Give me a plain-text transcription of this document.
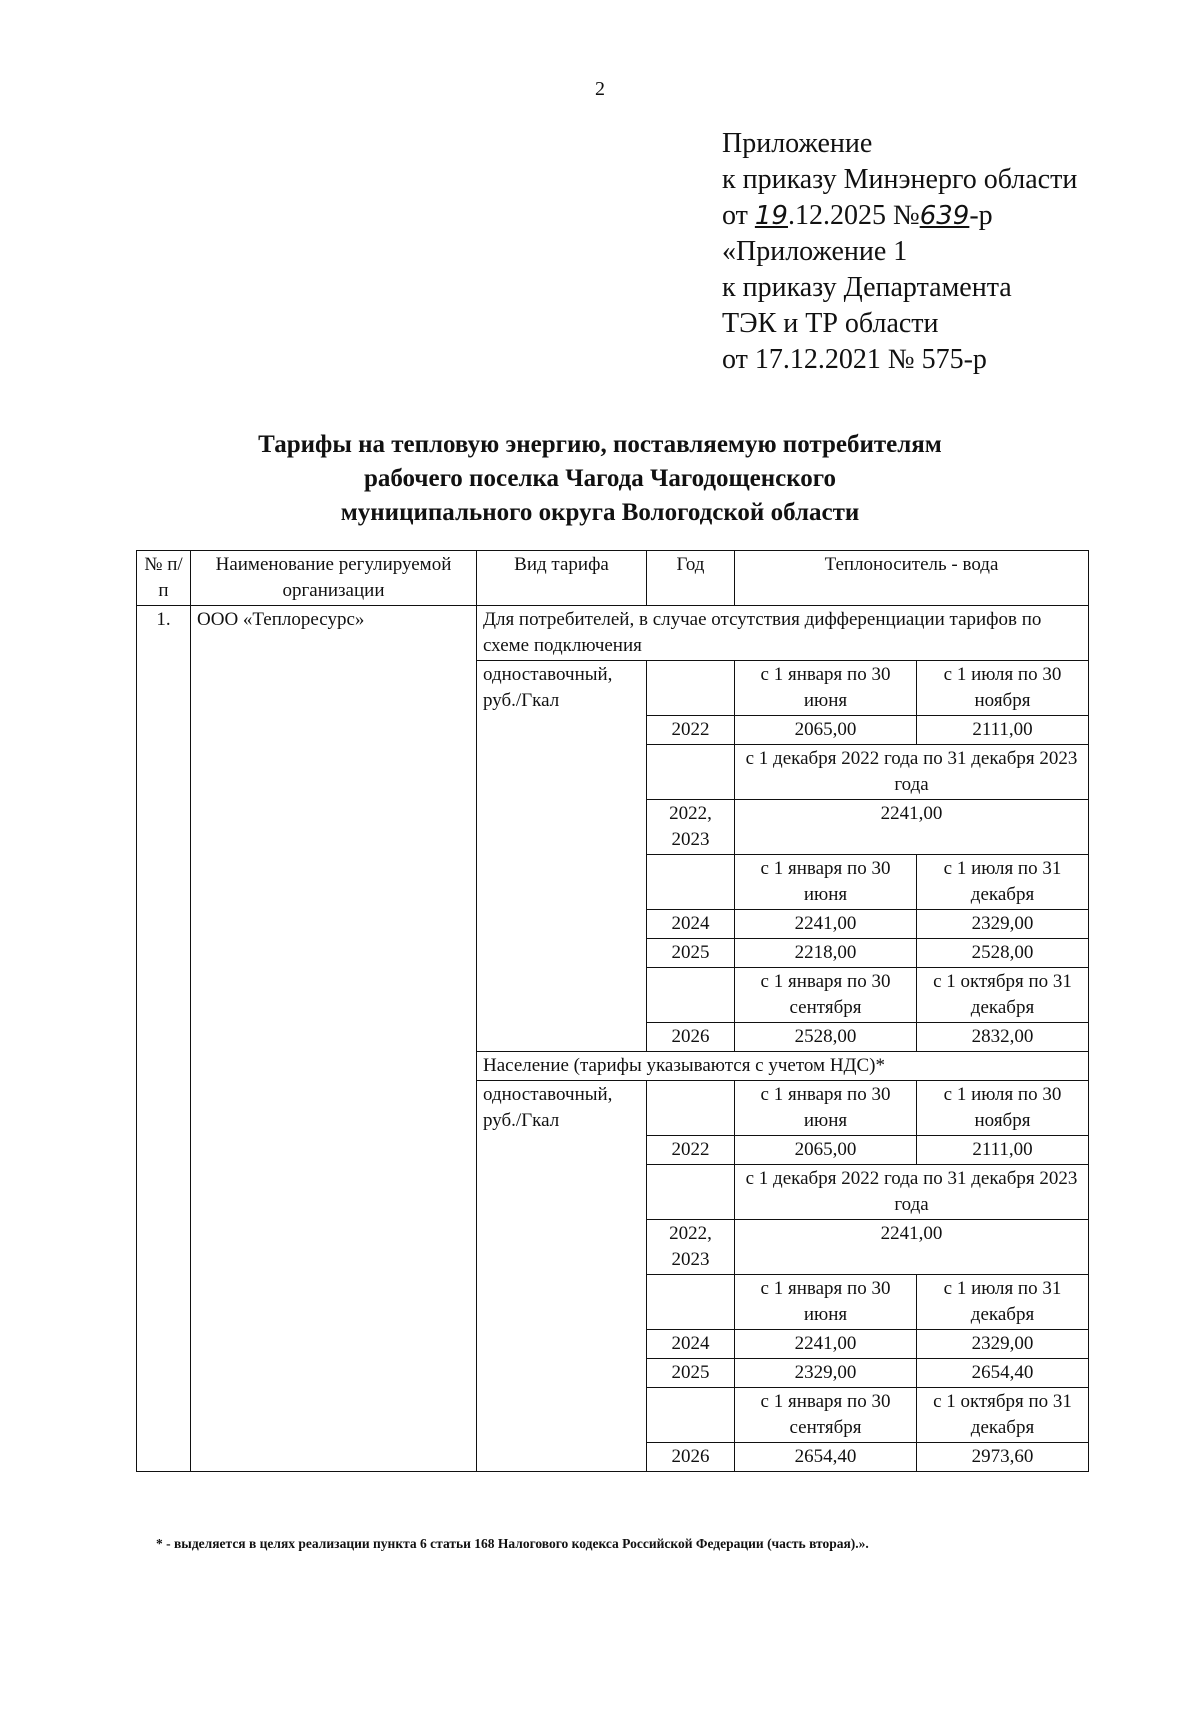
2
Приложение
к приказу Минэнерго области
от 19.12.2025 №639-р
«Приложение 1
к приказу Департамента
ТЭК и ТР области
от 17.12.2021 № 575-р
Тарифы на тепловую энергию, поставляемую потребителям
рабочего поселка Чагода Чагодощенского
муниципального округа Вологодской области
№ п/п	Наименование регулируемой организации	Вид тарифа	Год	Теплоноситель - вода	
1.	ООО «Теплоресурс»	Для потребителей, в случае отсутствия дифференциации тарифов по схеме подключения			
		одноставочный, руб./Гкал		с 1 января по 30 июня	с 1 июля по 30 ноября
			2022	2065,00	2111,00
				с 1 декабря 2022 года по 31 декабря 2023 года	
			2022, 2023	2241,00	
				с 1 января по 30 июня	с 1 июля по 31 декабря
			2024	2241,00	2329,00
			2025	2218,00	2528,00
				с 1 января по 30 сентября	с 1 октября по 31 декабря
			2026	2528,00	2832,00
		Население (тарифы указываются с учетом НДС)*			
		одноставочный, руб./Гкал		с 1 января по 30 июня	с 1 июля по 30 ноября
			2022	2065,00	2111,00
				с 1 декабря 2022 года по 31 декабря 2023 года	
			2022, 2023	2241,00	
				с 1 января по 30 июня	с 1 июля по 31 декабря
			2024	2241,00	2329,00
			2025	2329,00	2654,40
				с 1 января по 30 сентября	с 1 октября по 31 декабря
			2026	2654,40	2973,60
* - выделяется в целях реализации пункта 6 статьи 168 Налогового кодекса Российской Федерации (часть вторая).».
